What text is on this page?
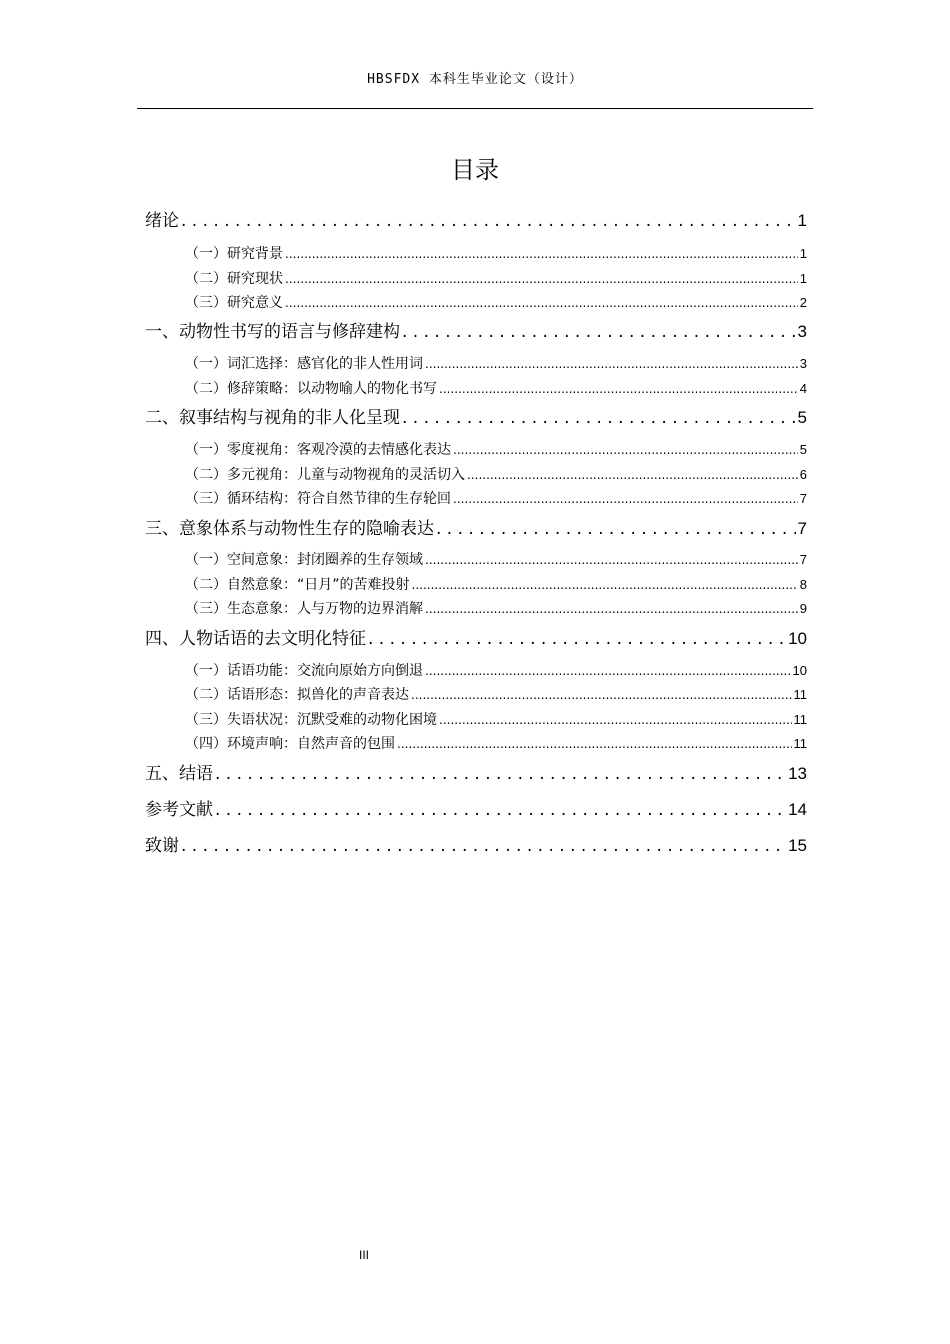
HBSFDX 本科生毕业论文（设计）
目录
绪论 . . .	1
（一）研究背景 .....	1
（二）研究现状 .....	1
（三）研究意义 .....	2
一、动物性书写的语言与修辞建构 . . .	3
（一）词汇选择：感官化的非人性用词 .....	3
（二）修辞策略：以动物喻人的物化书写 .....	4
二、叙事结构与视角的非人化呈现 . . .	5
（一）零度视角：客观冷漠的去情感化表达 .....	5
（二）多元视角：儿童与动物视角的灵活切入 .....	6
（三）循环结构：符合自然节律的生存轮回 .....	7
三、意象体系与动物性生存的隐喻表达 . . .	7
（一）空间意象：封闭圈养的生存领域 .....	7
（二）自然意象：“日月”的苦难投射 .....	8
（三）生态意象：人与万物的边界消解 .....	9
四、人物话语的去文明化特征 . . .	10
（一）话语功能：交流向原始方向倒退 .....	10
（二）话语形态：拟兽化的声音表达 .....	11
（三）失语状况：沉默受难的动物化困境 .....	11
（四）环境声响：自然声音的包围 .....	11
五、结语 . . .	13
参考文献 . . .	14
致谢 . . .	15
III
